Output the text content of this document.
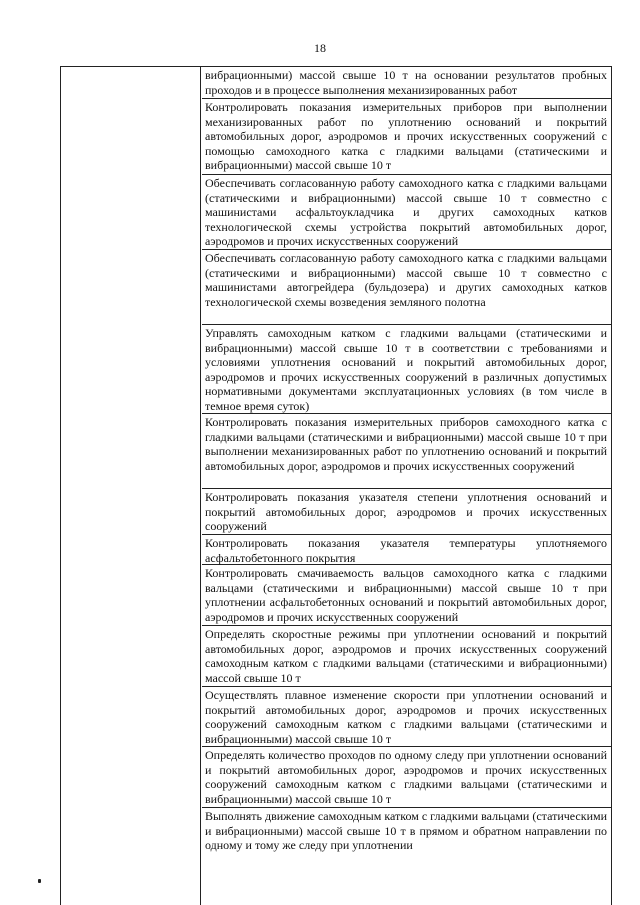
18
вибрационными) массой свыше 10 т на основании результатов пробных проходов и в процессе выполнения механизированных работ
Контролировать показания измерительных приборов при выполнении механизированных работ по уплотнению оснований и покрытий автомобильных дорог, аэродромов и прочих искусственных сооружений с помощью самоходного катка с гладкими вальцами (статическими и вибрационными) массой свыше 10 т
Обеспечивать согласованную работу самоходного катка с гладкими вальцами (статическими и вибрационными) массой свыше 10 т совместно с машинистами асфальтоукладчика и других самоходных катков технологической схемы устройства покрытий автомобильных дорог, аэродромов и прочих искусственных сооружений
Обеспечивать согласованную работу самоходного катка с гладкими вальцами (статическими и вибрационными) массой свыше 10 т совместно с машинистами автогрейдера (бульдозера) и других самоходных катков технологической схемы возведения земляного полотна
Управлять самоходным катком с гладкими вальцами (статическими и вибрационными) массой свыше 10 т в соответствии с требованиями и условиями уплотнения оснований и покрытий автомобильных дорог, аэродромов и прочих искусственных сооружений в различных допустимых нормативными документами эксплуатационных условиях (в том числе в темное время суток)
Контролировать показания измерительных приборов самоходного катка с гладкими вальцами (статическими и вибрационными) массой свыше 10 т при выполнении механизированных работ по уплотнению оснований и покрытий автомобильных дорог, аэродромов и прочих искусственных сооружений
Контролировать показания указателя степени уплотнения оснований и покрытий автомобильных дорог, аэродромов и прочих искусственных сооружений
Контролировать показания указателя температуры уплотняемого асфальтобетонного покрытия
Контролировать смачиваемость вальцов самоходного катка с гладкими вальцами (статическими и вибрационными) массой свыше 10 т при уплотнении асфальтобетонных оснований и покрытий автомобильных дорог, аэродромов и прочих искусственных сооружений
Определять скоростные режимы при уплотнении оснований и покрытий автомобильных дорог, аэродромов и прочих искусственных сооружений самоходным катком с гладкими вальцами (статическими и вибрационными) массой свыше 10 т
Осуществлять плавное изменение скорости при уплотнении оснований и покрытий автомобильных дорог, аэродромов и прочих искусственных сооружений самоходным катком с гладкими вальцами (статическими и вибрационными) массой свыше 10 т
Определять количество проходов по одному следу при уплотнении оснований и покрытий автомобильных дорог, аэродромов и прочих искусственных сооружений самоходным катком с гладкими вальцами (статическими и вибрационными) массой свыше 10 т
Выполнять движение самоходным катком с гладкими вальцами (статическими и вибрационными) массой свыше 10 т в прямом и обратном направлении по одному и тому же следу при уплотнении
